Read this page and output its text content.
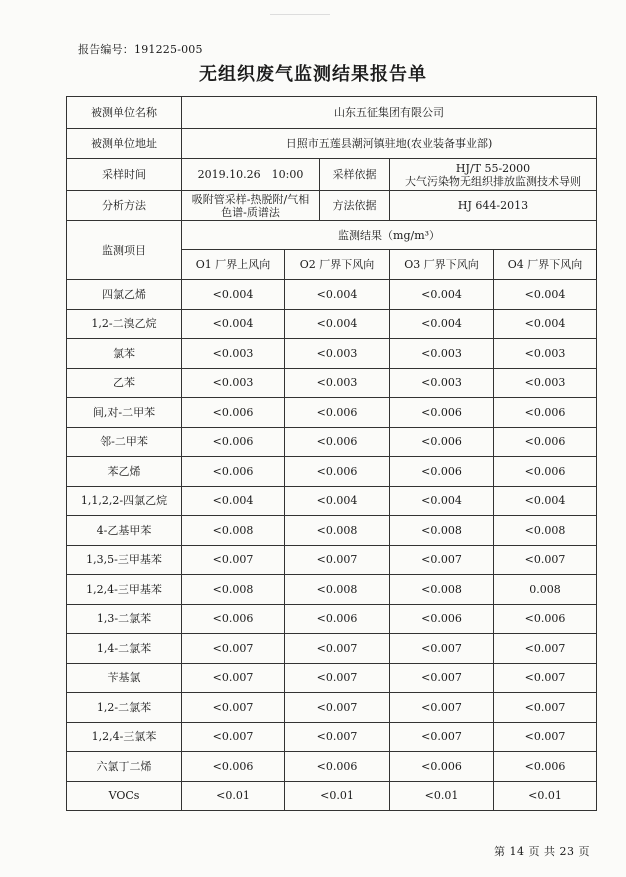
报告编号：191225-005
无组织废气监测结果报告单
被测单位名称	山东五征集团有限公司				
被测单位地址	日照市五莲县潮河镇驻地(农业装备事业部)				
采样时间	2019.10.26　10:00		采样依据	HJ/T 55-2000
大气污染物无组织排放监测技术导则	

分析方法	吸附管采样-热脱附/气相
色谱-质谱法		方法依据	HJ 644-2013	
监测项目	监测结果（mg/m³）				
	O1 厂界上风向	O2 厂界下风向		O3 厂界下风向	O4 厂界下风向
四氯乙烯	<0.004	<0.004		<0.004	<0.004
1,2-二溴乙烷	<0.004	<0.004		<0.004	<0.004
氯苯	<0.003	<0.003		<0.003	<0.003
乙苯	<0.003	<0.003		<0.003	<0.003
间,对-二甲苯	<0.006	<0.006		<0.006	<0.006
邻-二甲苯	<0.006	<0.006		<0.006	<0.006
苯乙烯	<0.006	<0.006		<0.006	<0.006
1,1,2,2-四氯乙烷	<0.004	<0.004		<0.004	<0.004
4-乙基甲苯	<0.008	<0.008		<0.008	<0.008
1,3,5-三甲基苯	<0.007	<0.007		<0.007	<0.007
1,2,4-三甲基苯	<0.008	<0.008		<0.008	0.008
1,3-二氯苯	<0.006	<0.006		<0.006	<0.006
1,4-二氯苯	<0.007	<0.007		<0.007	<0.007
苄基氯	<0.007	<0.007		<0.007	<0.007
1,2-二氯苯	<0.007	<0.007		<0.007	<0.007
1,2,4-三氯苯	<0.007	<0.007		<0.007	<0.007
六氯丁二烯	<0.006	<0.006		<0.006	<0.006
VOCs	<0.01	<0.01		<0.01	<0.01
第 14 页 共 23 页
